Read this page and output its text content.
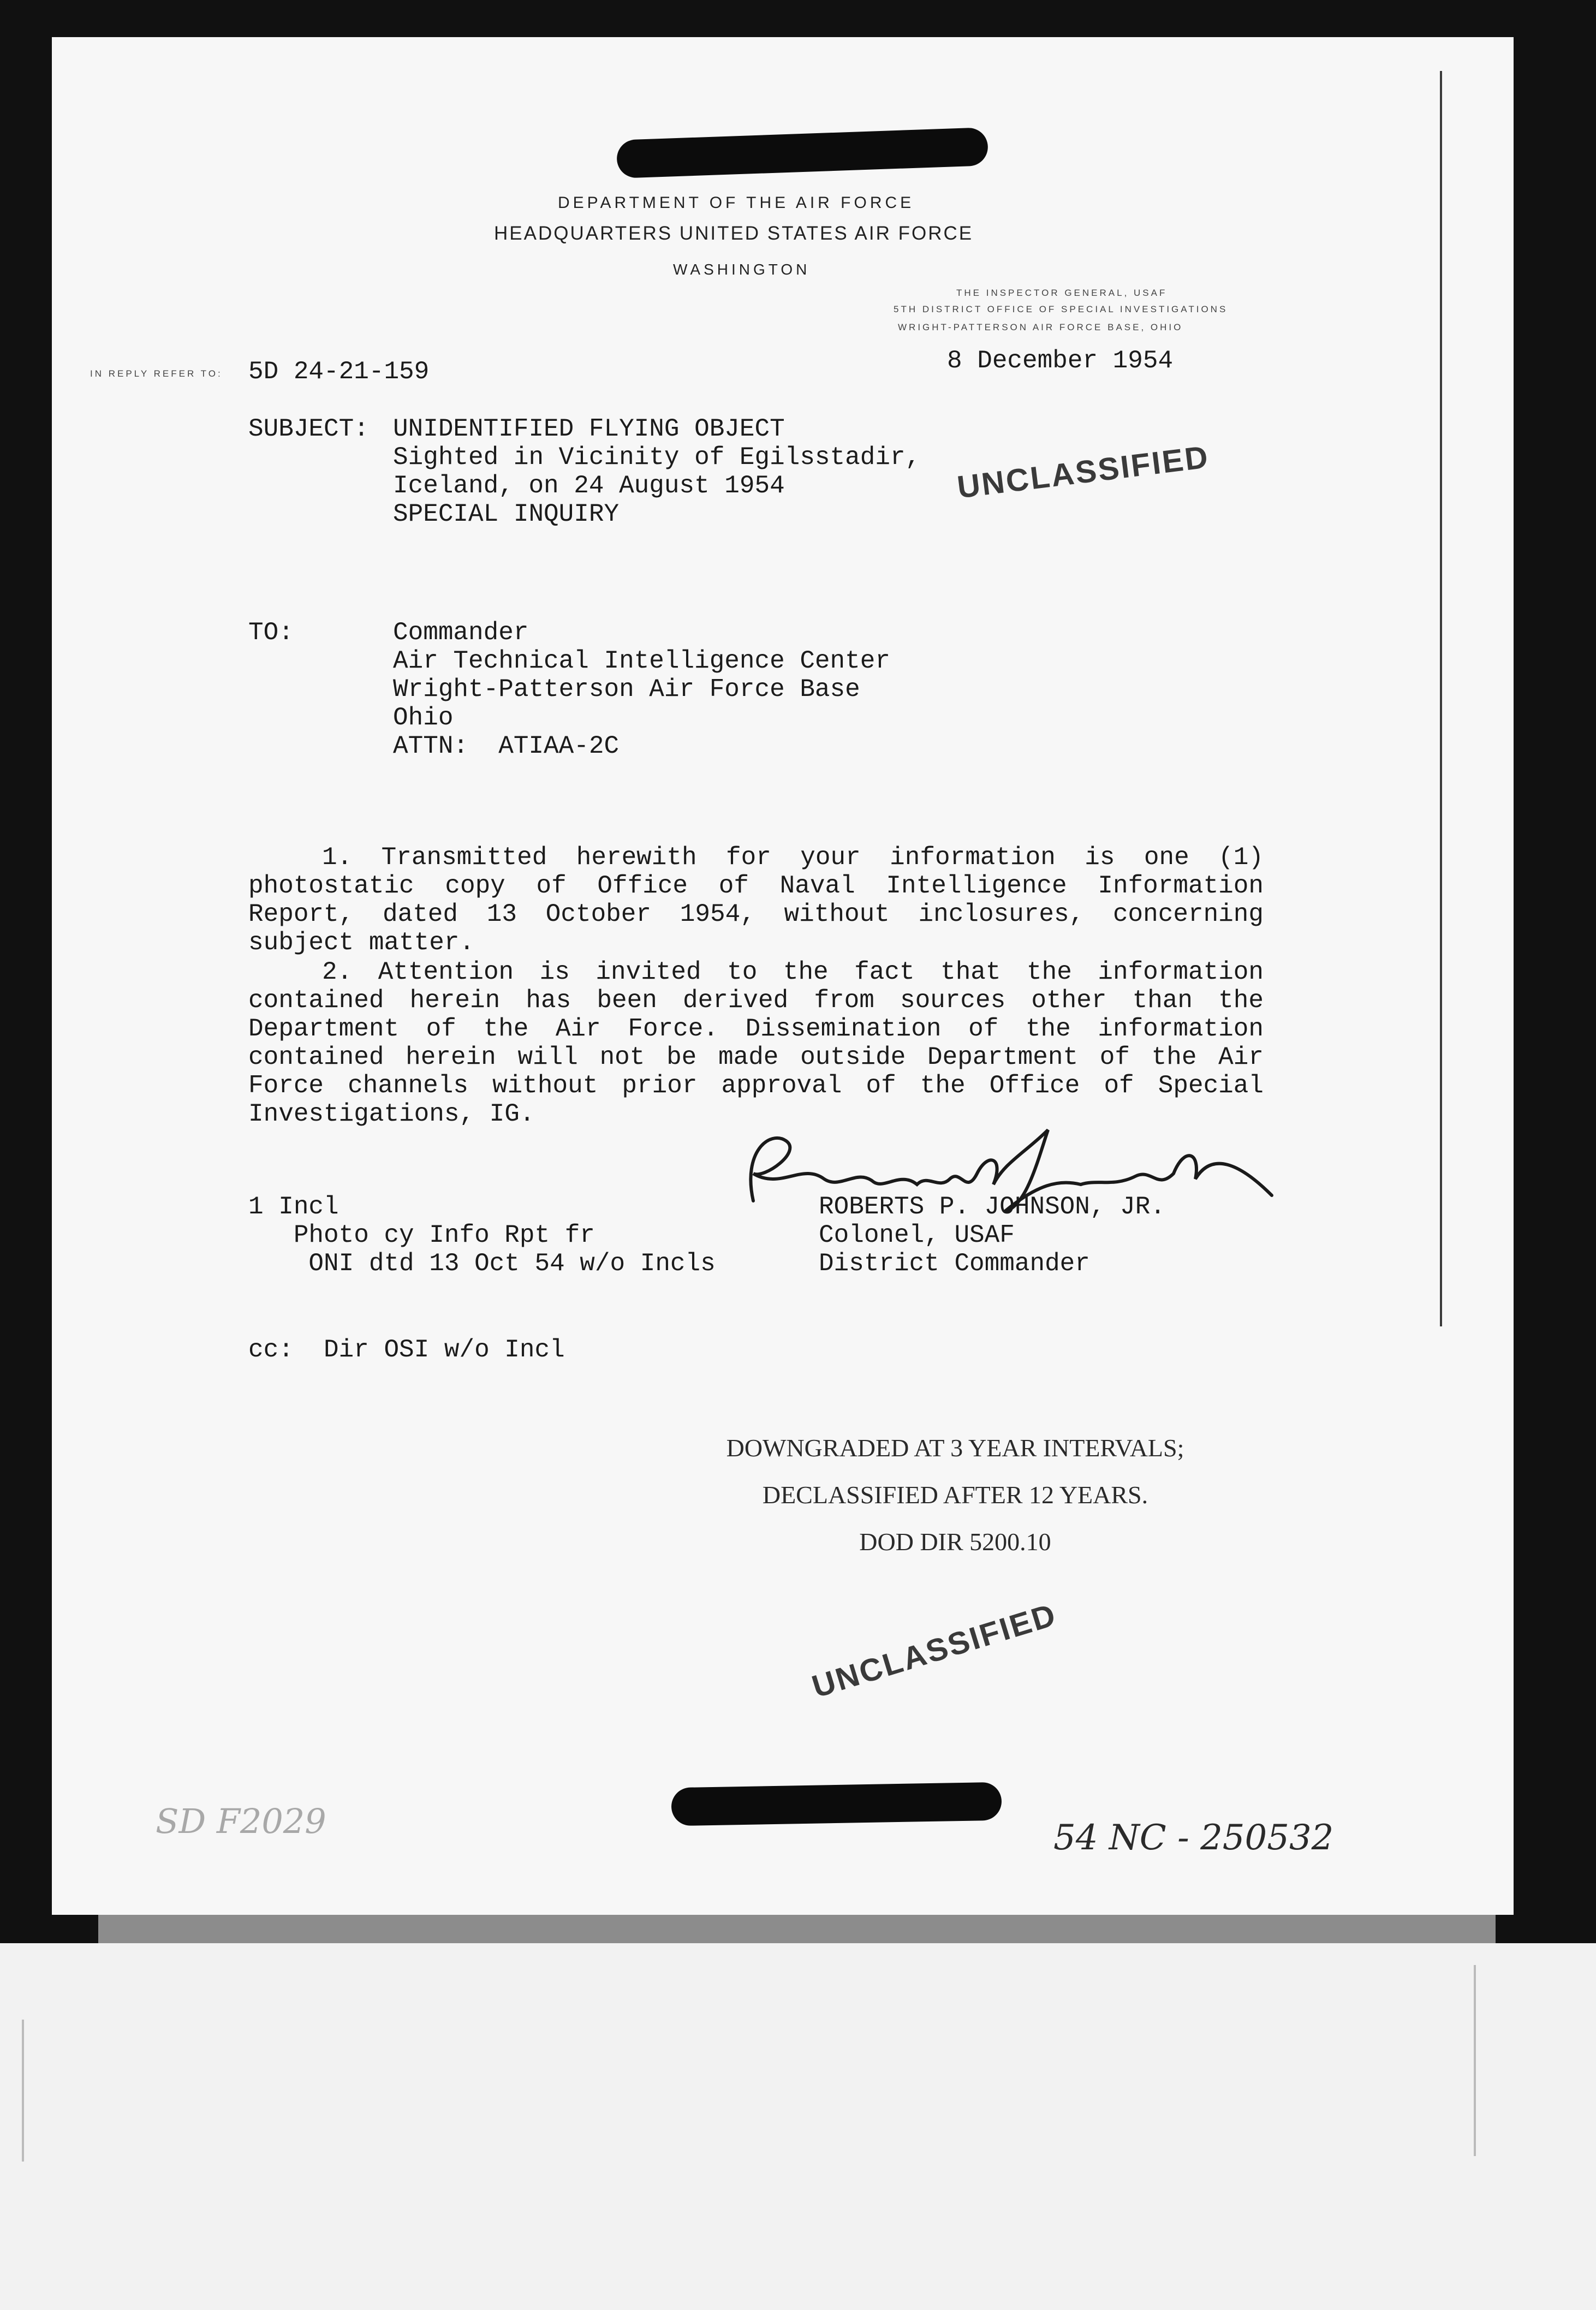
DEPARTMENT OF THE AIR FORCE
HEADQUARTERS UNITED STATES AIR FORCE
WASHINGTON
THE INSPECTOR GENERAL, USAF
5TH DISTRICT OFFICE OF SPECIAL INVESTIGATIONS
WRIGHT-PATTERSON AIR FORCE BASE, OHIO
IN REPLY REFER TO: 5D 24-21-159	8 December 1954
SUBJECT: UNIDENTIFIED FLYING OBJECT
Sighted in Vicinity of Egilsstadir,
Iceland, on 24 August 1954
SPECIAL INQUIRY
UNCLASSIFIED
TO:	Commander
Air Technical Intelligence Center
Wright-Patterson Air Force Base
Ohio
ATTN:  ATIAA-2C
1. Transmitted herewith for your information is one (1) photostatic copy of Office of Naval Intelligence Information Report, dated 13 October 1954, without inclosures, concerning subject matter.
2. Attention is invited to the fact that the information contained herein has been derived from sources other than the Department of the Air Force. Dissemination of the information contained herein will not be made outside Department of the Air Force channels without prior approval of the Office of Special Investigations, IG.
1 Incl
Photo cy Info Rpt fr
ONI dtd 13 Oct 54 w/o Incls
ROBERTS P. JOHNSON, JR.
Colonel, USAF
District Commander
cc:  Dir OSI w/o Incl

DOWNGRADED AT 3 YEAR INTERVALS;

DECLASSIFIED AFTER 12 YEARS.

DOD DIR 5200.10

UNCLASSIFIED
SD F2029	54 NC - 250532
